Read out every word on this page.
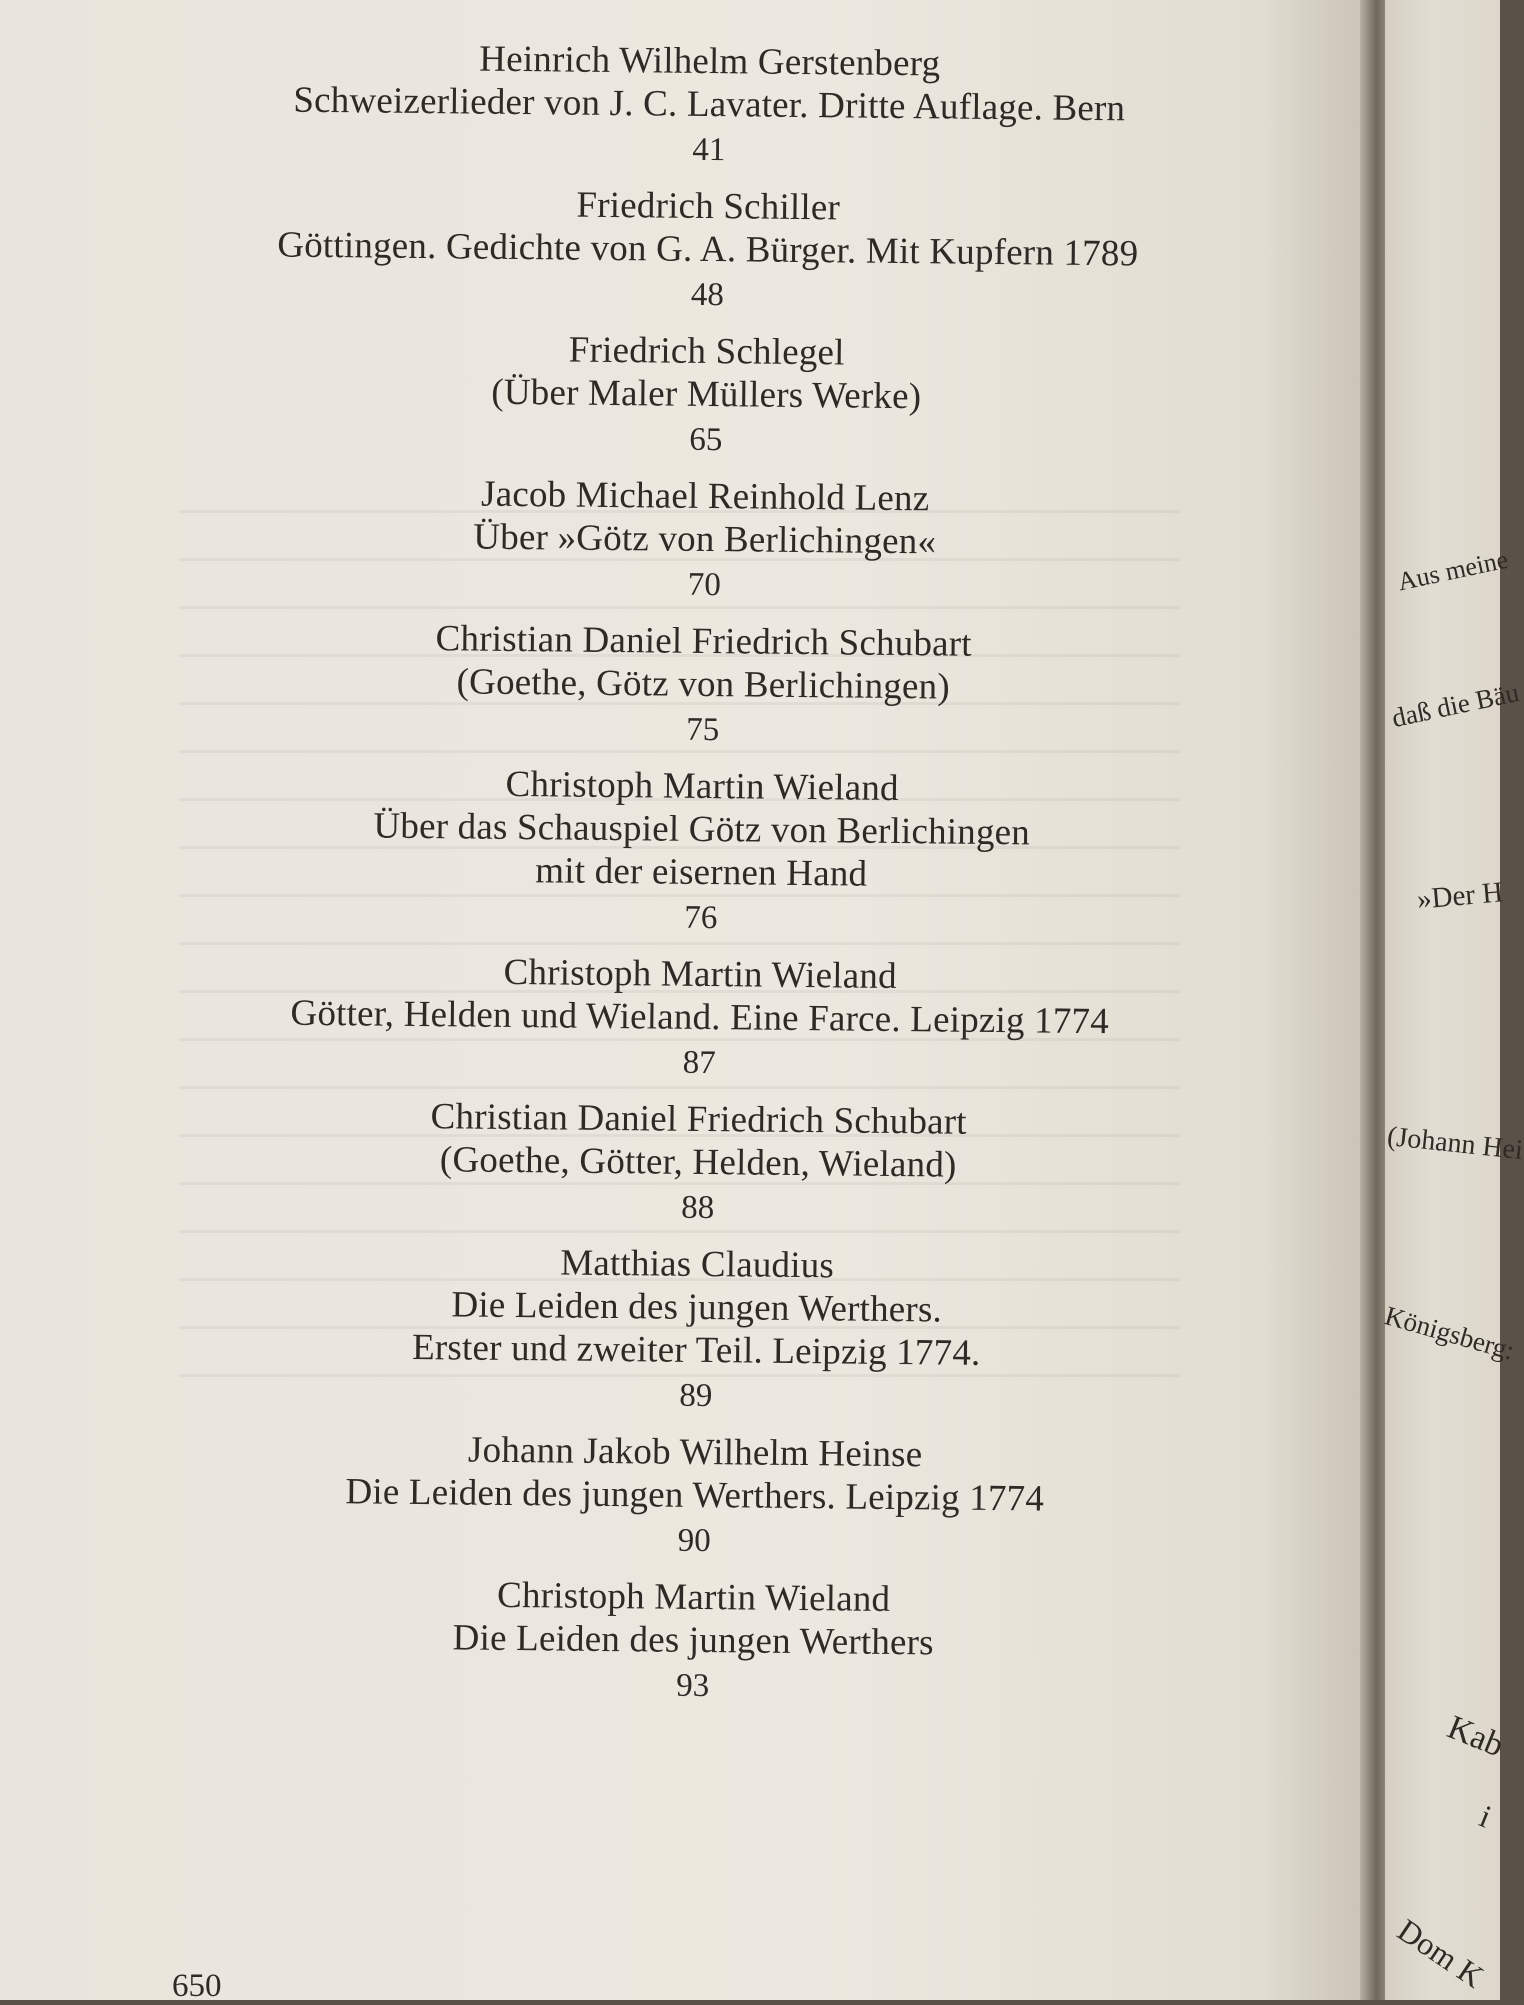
Heinrich Wilhelm Gerstenberg
Schweizerlieder von J. C. Lavater. Dritte Auflage. Bern
41
Friedrich Schiller
Göttingen. Gedichte von G. A. Bürger. Mit Kupfern 1789
48
Friedrich Schlegel
(Über Maler Müllers Werke)
65
Jacob Michael Reinhold Lenz
Über »Götz von Berlichingen«
70
Christian Daniel Friedrich Schubart
(Goethe, Götz von Berlichingen)
75
Christoph Martin Wieland
Über das Schauspiel Götz von Berlichingen
mit der eisernen Hand
76
Christoph Martin Wieland
Götter, Helden und Wieland. Eine Farce. Leipzig 1774
87
Christian Daniel Friedrich Schubart
(Goethe, Götter, Helden, Wieland)
88
Matthias Claudius
Die Leiden des jungen Werthers.
Erster und zweiter Teil. Leipzig 1774.
89
Johann Jakob Wilhelm Heinse
Die Leiden des jungen Werthers. Leipzig 1774
90
Christoph Martin Wieland
Die Leiden des jungen Werthers
93
650
Aus meine
daß die Bäu
»Der H
(Johann Hei
Königsberg:
Kab
i
Dom K
